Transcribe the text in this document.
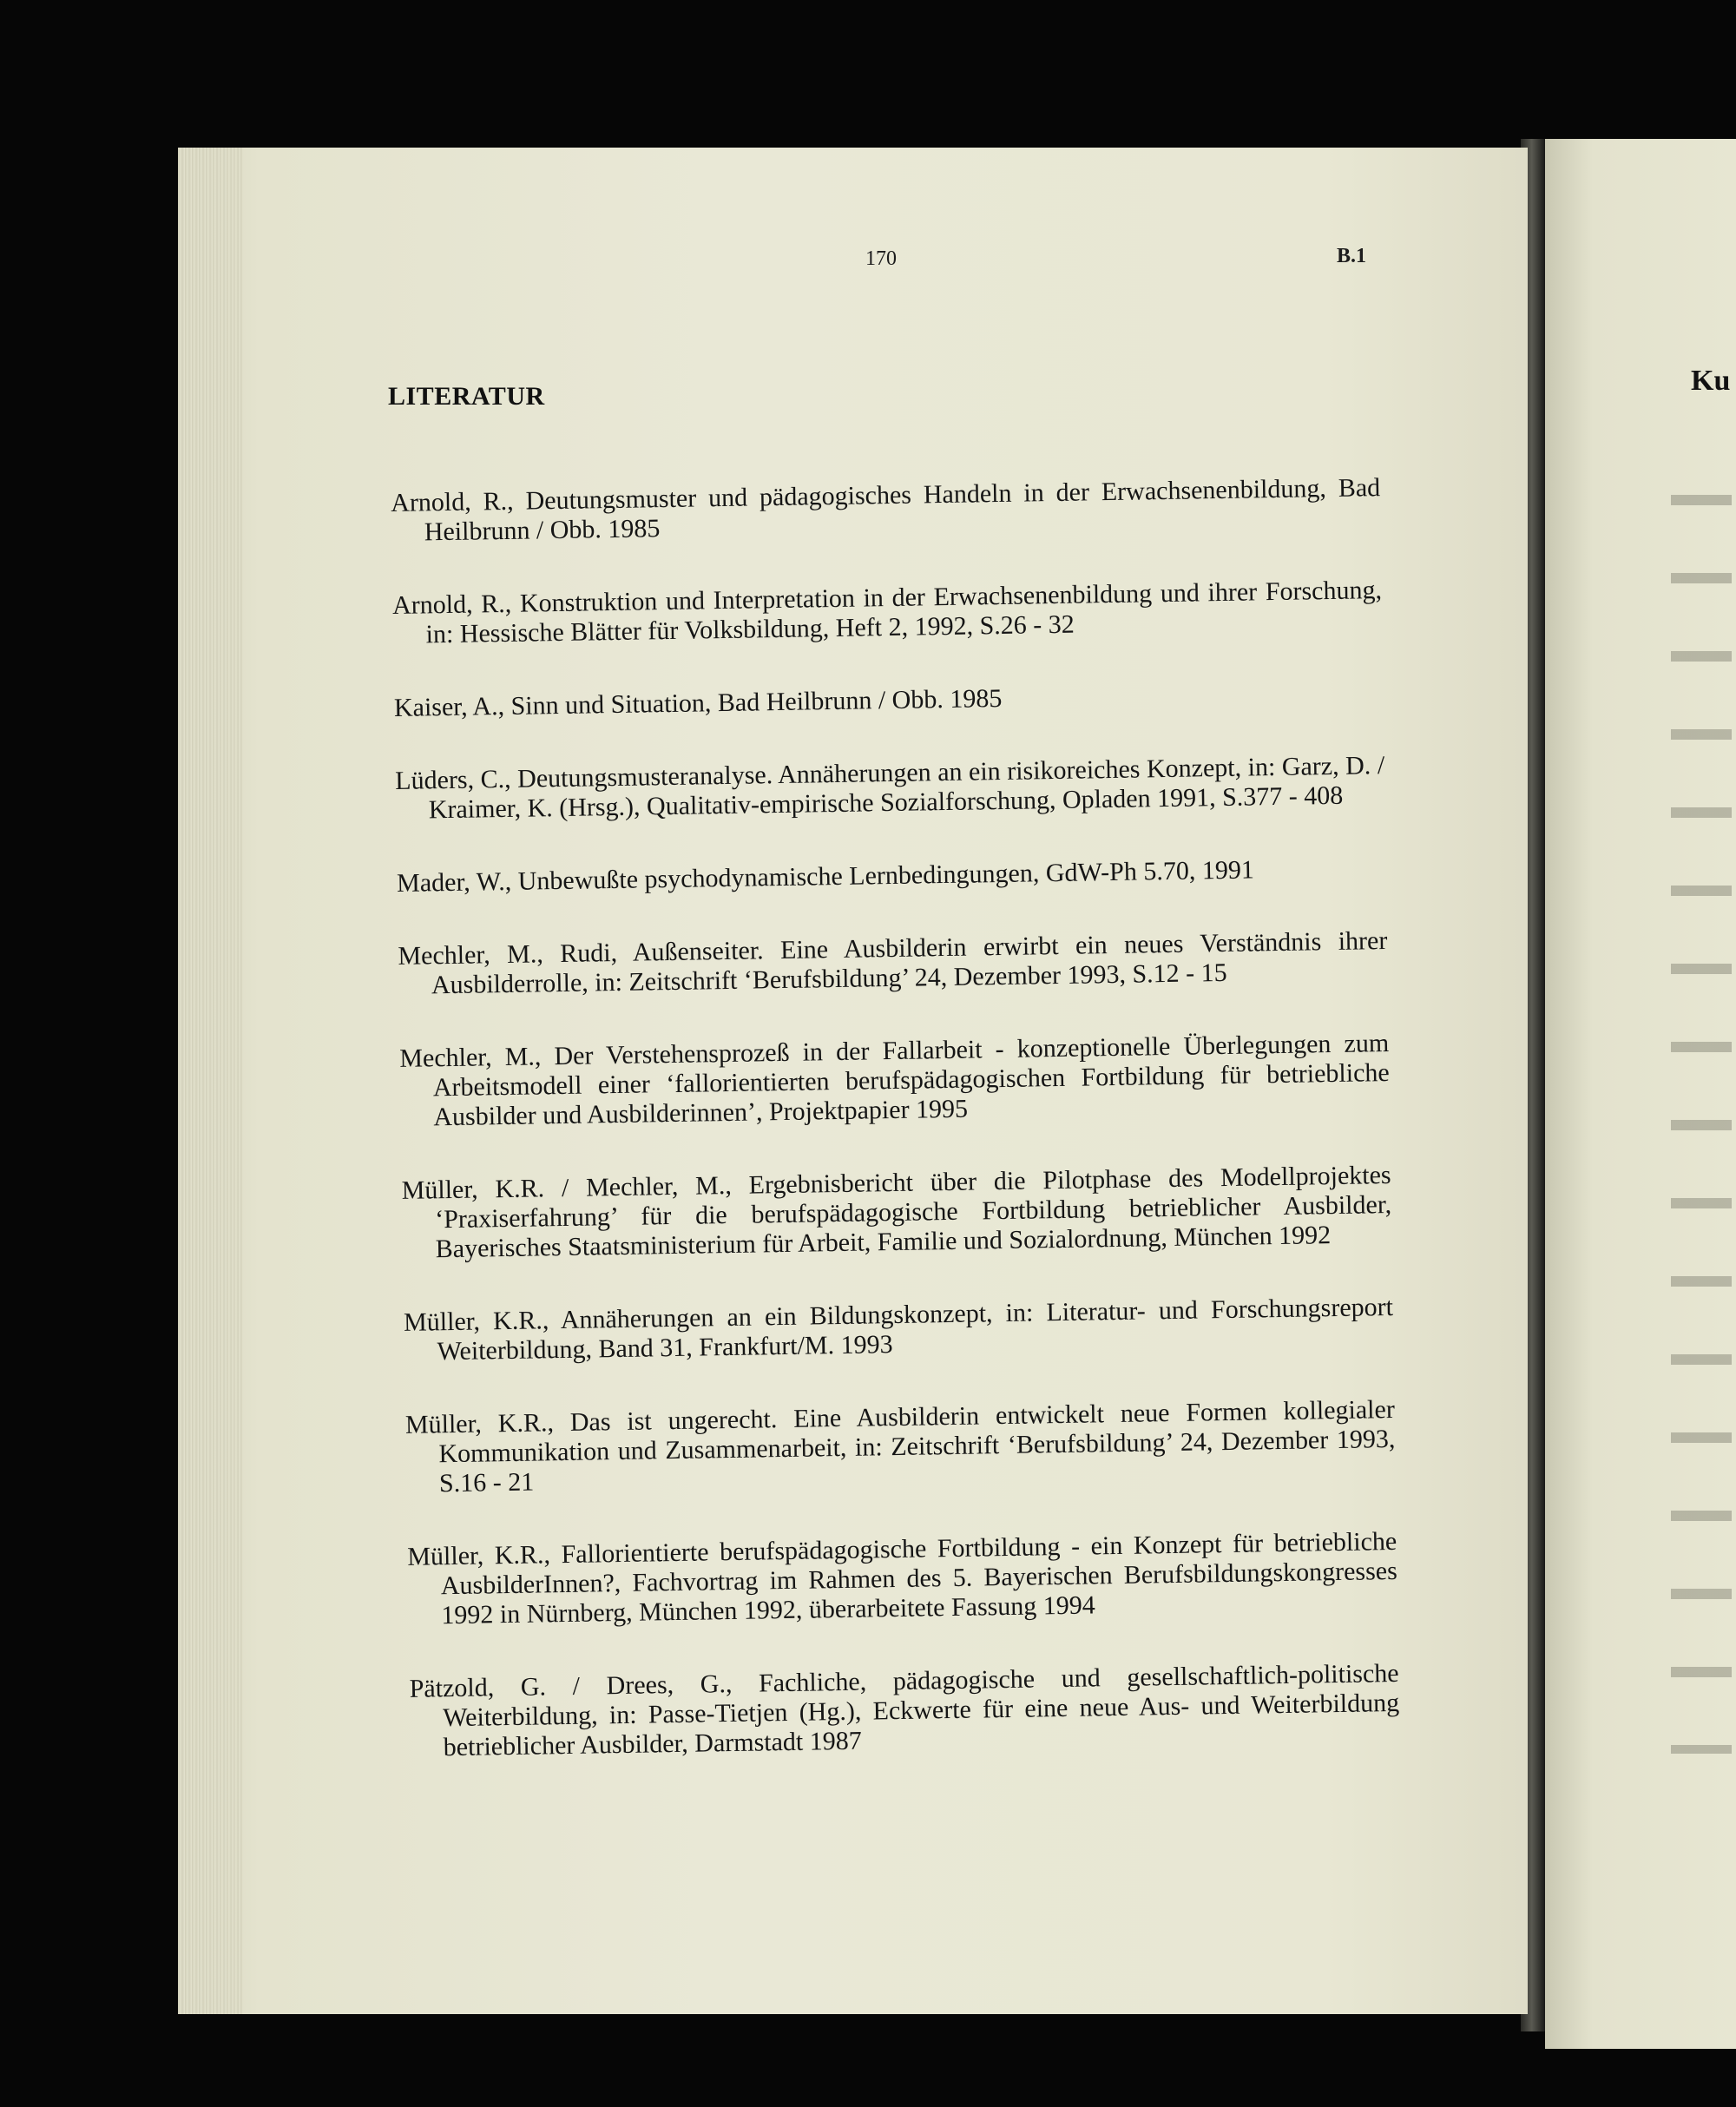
Ku
170	B.1
LITERATUR

Arnold, R., Deutungsmuster und pädagogisches Handeln in der Erwachsenenbildung, Bad Heilbrunn / Obb. 1985

Arnold, R., Konstruktion und Interpretation in der Erwachsenenbildung und ihrer Forschung, in: Hessische Blätter für Volksbildung, Heft 2, 1992, S.26 - 32

Kaiser, A., Sinn und Situation, Bad Heilbrunn / Obb. 1985

Lüders, C., Deutungsmusteranalyse. Annäherungen an ein risikoreiches Konzept, in: Garz, D. / Kraimer, K. (Hrsg.), Qualitativ-empirische Sozialforschung, Opladen 1991, S.377 - 408

Mader, W., Unbewußte psychodynamische Lernbedingungen, GdW-Ph 5.70, 1991

Mechler, M., Rudi, Außenseiter. Eine Ausbilderin erwirbt ein neues Verständnis ihrer Ausbilderrolle, in: Zeitschrift ‘Berufsbildung’ 24, Dezember 1993, S.12 - 15

Mechler, M., Der Verstehensprozeß in der Fallarbeit - konzeptionelle Überlegungen zum Arbeitsmodell einer ‘fallorientierten berufspädagogischen Fortbildung für betriebliche Ausbilder und Ausbilderinnen’, Projektpapier 1995

Müller, K.R. / Mechler, M., Ergebnisbericht über die Pilotphase des Modellprojektes ‘Praxiserfahrung’ für die berufspädagogische Fortbildung betrieblicher Ausbilder, Bayerisches Staatsministerium für Arbeit, Familie und Sozialordnung, München 1992

Müller, K.R., Annäherungen an ein Bildungskonzept, in: Literatur- und Forschungsreport Weiterbildung, Band 31, Frankfurt/M. 1993

Müller, K.R., Das ist ungerecht. Eine Ausbilderin entwickelt neue Formen kollegialer Kommunikation und Zusammenarbeit, in: Zeitschrift ‘Berufsbildung’ 24, Dezember 1993, S.16 - 21

Müller, K.R., Fallorientierte berufspädagogische Fortbildung - ein Konzept für betriebliche AusbilderInnen?, Fachvortrag im Rahmen des 5. Bayerischen Berufsbildungskongresses 1992 in Nürnberg, München 1992, überarbeitete Fassung 1994

Pätzold, G. / Drees, G., Fachliche, pädagogische und gesellschaftlich-politische Weiterbildung, in: Passe-Tietjen (Hg.), Eckwerte für eine neue Aus- und Weiterbildung betrieblicher Ausbilder, Darmstadt 1987
